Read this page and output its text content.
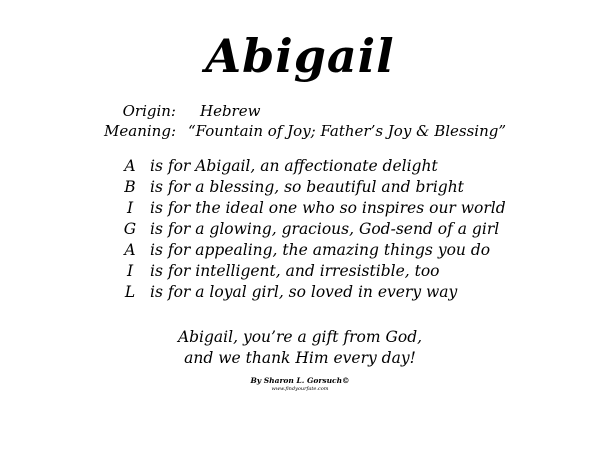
Abigail
Origin: Hebrew
Meaning: “Fountain of Joy; Father’s Joy & Blessing”
A is for Abigail, an affectionate delight
B is for a blessing, so beautiful and bright
I	is for the ideal one who so inspires our world
G is for a glowing, gracious, God-send of a girl
A is for appealing, the amazing things you do
I	is for intelligent, and irresistible, too
L is for a loyal girl, so loved in every way
Abigail, you’re a gift from God,
and we thank Him every day!
By Sharon L. Gorsuch©
www.findyourfate.com
